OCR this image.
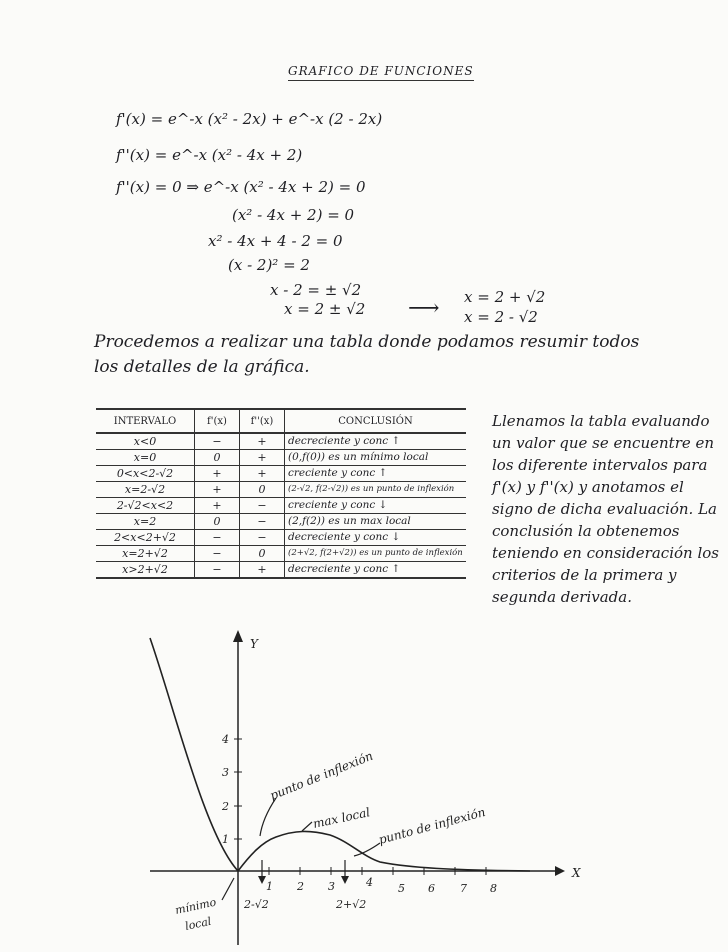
GRAFICO DE FUNCIONES
f'(x) = e^-x (x² - 2x) + e^-x (2 - 2x)
f''(x) = e^-x (x² - 4x + 2)
f''(x) = 0 ⇒ e^-x (x² - 4x + 2) = 0
(x² - 4x + 2) = 0
x² - 4x + 4 - 2 = 0
(x - 2)² = 2
x - 2 = ± √2
x = 2 ± √2 ⟶ x = 2 + √2
x = 2 - √2
Procedemos a realizar una tabla donde podamos resumir todos los detalles de la gráfica.
INTERVALO	f'(x)	f''(x)	CONCLUSIÓN
x<0	−	+	decreciente y conc ↑
x=0	0	+	(0,f(0)) es un mínimo local
0<x<2-√2	+	+	creciente y conc ↑
x=2-√2	+	0	(2-√2, f(2-√2)) es un punto de inflexión
2-√2<x<2	+	−	creciente y conc ↓
x=2	0	−	(2,f(2)) es un max local
2<x<2+√2	−	−	decreciente y conc ↓
x=2+√2	−	0	(2+√2, f(2+√2)) es un punto de inflexión
x>2+√2	−	+	decreciente y conc ↑
Llenamos la tabla evaluando un valor que se encuentre en los diferente intervalos para f'(x) y f''(x) y anotamos el signo de dicha evaluación. La conclusión la obtenemos teniendo en consideración los criterios de la primera y segunda derivada.
Y
X
1 2 3	4 5 6 7 8
1
2
3
4
2-√2	2+√2
punto de inflexión
max local punto de inflexión
mínimo
local
